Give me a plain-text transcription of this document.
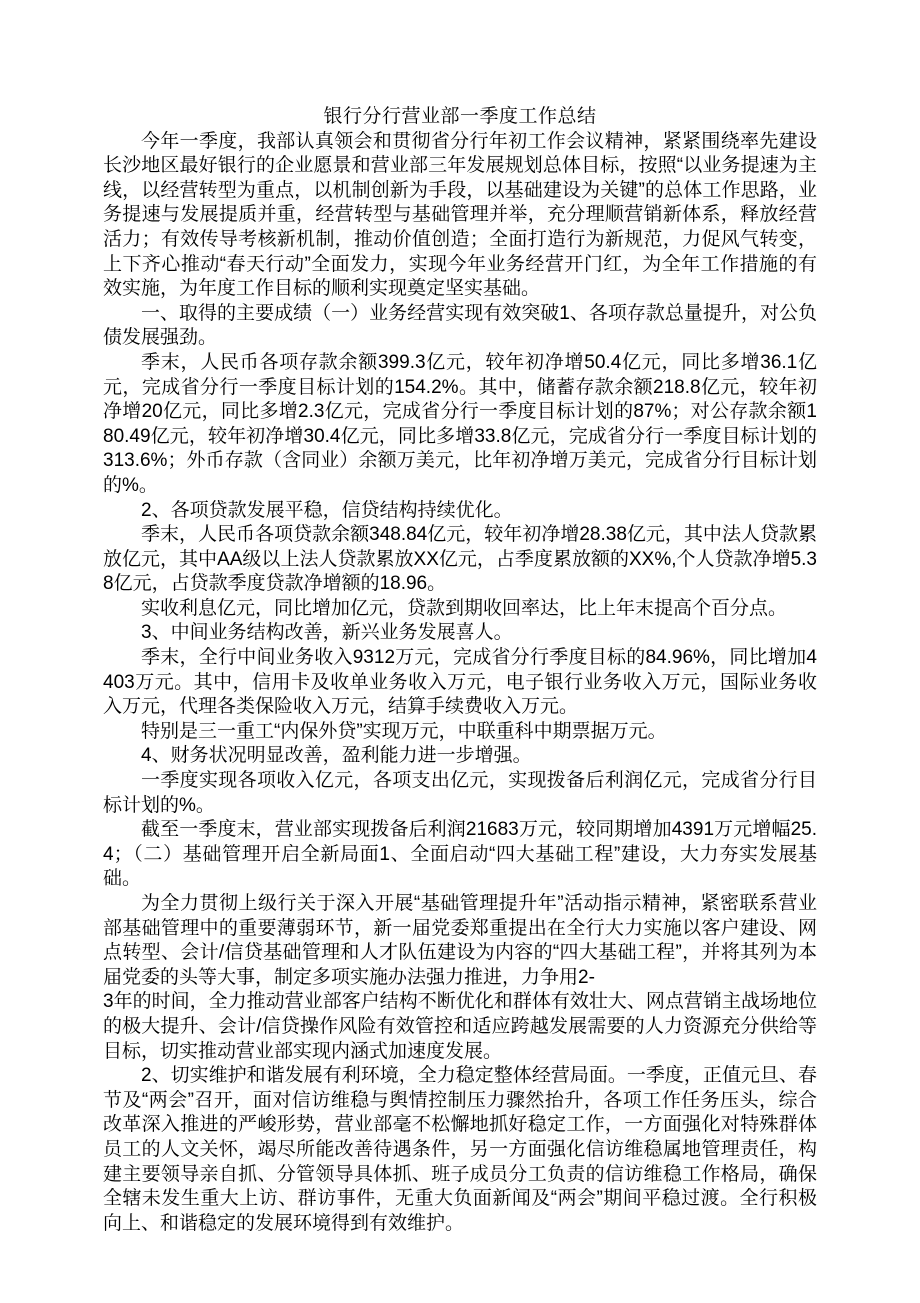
银行分行营业部一季度工作总结

今年一季度，我部认真领会和贯彻省分行年初工作会议精神，紧紧围绕率先建设长沙地区最好银行的企业愿景和营业部三年发展规划总体目标，按照“以业务提速为主线，以经营转型为重点，以机制创新为手段，以基础建设为关键”的总体工作思路，业务提速与发展提质并重，经营转型与基础管理并举，充分理顺营销新体系，释放经营活力；有效传导考核新机制，推动价值创造；全面打造行为新规范，力促风气转变，上下齐心推动“春天行动”全面发力，实现今年业务经营开门红，为全年工作措施的有效实施，为年度工作目标的顺利实现奠定坚实基础。

一、取得的主要成绩（一）业务经营实现有效突破1、各项存款总量提升，对公负债发展强劲。

季末，人民币各项存款余额399.3亿元，较年初净增50.4亿元，同比多增36.1亿元，完成省分行一季度目标计划的154.2%。其中，储蓄存款余额218.8亿元，较年初净增20亿元，同比多增2.3亿元，完成省分行一季度目标计划的87%；对公存款余额180.49亿元，较年初净增30.4亿元，同比多增33.8亿元，完成省分行一季度目标计划的313.6%；外币存款（含同业）余额万美元，比年初净增万美元，完成省分行目标计划的%。

2、各项贷款发展平稳，信贷结构持续优化。

季末，人民币各项贷款余额348.84亿元，较年初净增28.38亿元，其中法人贷款累放亿元，其中AA级以上法人贷款累放XX亿元，占季度累放额的XX%,个人贷款净增5.38亿元，占贷款季度贷款净增额的18.96。

实收利息亿元，同比增加亿元，贷款到期收回率达，比上年末提高个百分点。

3、中间业务结构改善，新兴业务发展喜人。

季末，全行中间业务收入9312万元，完成省分行季度目标的84.96%，同比增加4403万元。其中，信用卡及收单业务收入万元，电子银行业务收入万元，国际业务收入万元，代理各类保险收入万元，结算手续费收入万元。

特别是三一重工“内保外贷”实现万元，中联重科中期票据万元。

4、财务状况明显改善，盈利能力进一步增强。

一季度实现各项收入亿元，各项支出亿元，实现拨备后利润亿元，完成省分行目标计划的%。

截至一季度末，营业部实现拨备后利润21683万元，较同期增加4391万元增幅25.4；（二）基础管理开启全新局面1、全面启动“四大基础工程”建设，大力夯实发展基础。

为全力贯彻上级行关于深入开展“基础管理提升年”活动指示精神，紧密联系营业部基础管理中的重要薄弱环节，新一届党委郑重提出在全行大力实施以客户建设、网点转型、会计/信贷基础管理和人才队伍建设为内容的“四大基础工程”，并将其列为本届党委的头等大事，制定多项实施办法强力推进，力争用2-

3年的时间，全力推动营业部客户结构不断优化和群体有效壮大、网点营销主战场地位的极大提升、会计/信贷操作风险有效管控和适应跨越发展需要的人力资源充分供给等目标，切实推动营业部实现内涵式加速度发展。

2、切实维护和谐发展有利环境，全力稳定整体经营局面。一季度，正值元旦、春节及“两会”召开，面对信访维稳与舆情控制压力骤然抬升，各项工作任务压头，综合改革深入推进的严峻形势，营业部毫不松懈地抓好稳定工作，一方面强化对特殊群体员工的人文关怀，竭尽所能改善待遇条件，另一方面强化信访维稳属地管理责任，构建主要领导亲自抓、分管领导具体抓、班子成员分工负责的信访维稳工作格局，确保全辖未发生重大上访、群访事件，无重大负面新闻及“两会”期间平稳过渡。全行积极向上、和谐稳定的发展环境得到有效维护。
